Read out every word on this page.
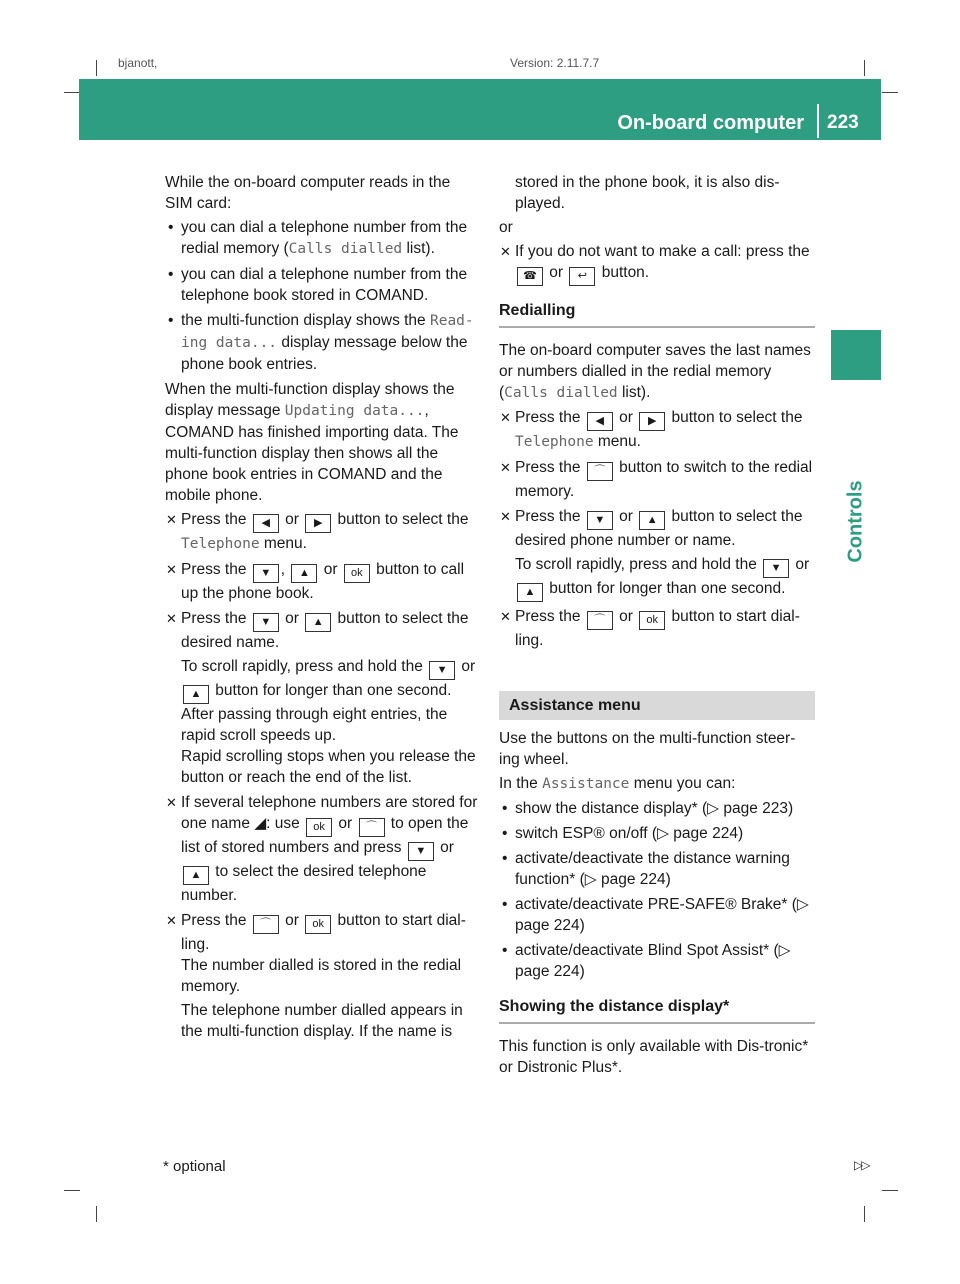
bjanott,	Version: 2.11.7.7
On-board computer 223
Controls

While the on-board computer reads in the SIM card:

• you can dial a telephone number from the redial memory (Calls dialled list).
• you can dial a telephone number from the telephone book stored in COMAND.
• the multi-function display shows the Read-ing data... display message below the phone book entries.

When the multi-function display shows the display message Updating data..., COMAND has finished importing data. The multi-function display then shows all the phone book entries in COMAND and the mobile phone.

✕ Press the ◀ or ▶ button to select the Telephone menu.
✕ Press the ▼ , ▲ or ok button to call up the phone book.
✕ Press the ▼ or ▲ button to select the desired name.

To scroll rapidly, press and hold the ▼ or ▲ button for longer than one second.

After passing through eight entries, the rapid scroll speeds up.

Rapid scrolling stops when you release the button or reach the end of the list.

✕ If several telephone numbers are stored for one name ◢: use ok or ⌒ to open the list of stored numbers and press ▼ or ▲ to select the desired telephone number.
✕ Press the ⌒ or ok button to start dial-ling.

The number dialled is stored in the redial memory.

The telephone number dialled appears in the multi-function display. If the name is

stored in the phone book, it is also dis-played.

or

✕ If you do not want to make a call: press the ☎ or ↩ button.
Redialling

The on-board computer saves the last names or numbers dialled in the redial memory (Calls dialled list).

✕ Press the ◀ or ▶ button to select the Telephone menu.
✕ Press the ⌒ button to switch to the redial memory.
✕ Press the ▼ or ▲ button to select the desired phone number or name.

To scroll rapidly, press and hold the ▼ or ▲ button for longer than one second.

✕ Press the ⌒ or ok button to start dial-ling.
Assistance menu

Use the buttons on the multi-function steer-ing wheel.

In the Assistance menu you can:

• show the distance display* (▷ page 223)
• switch ESP® on/off (▷ page 224)
• activate/deactivate the distance warning function* (▷ page 224)
• activate/deactivate PRE-SAFE® Brake* (▷ page 224)
• activate/deactivate Blind Spot Assist* (▷ page 224)
Showing the distance display*

This function is only available with Dis-tronic* or Distronic Plus*.

* optional	▷▷
